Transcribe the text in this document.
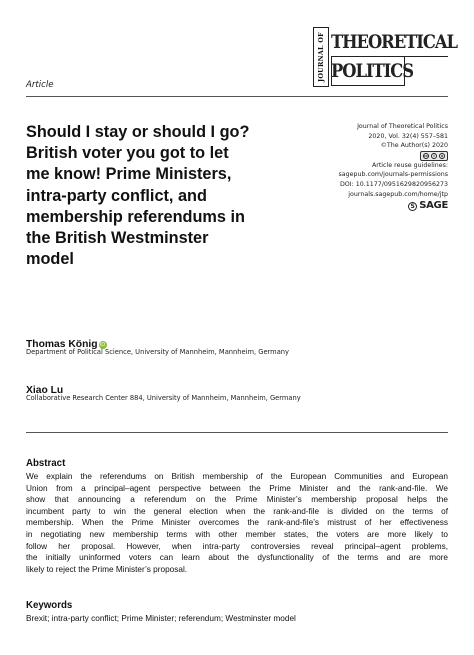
JOURNAL OF THEORETICAL
POLITICS
Article
Should I stay or should I go?
British voter you got to let
me know! Prime Ministers,
intra-party conflict, and
membership referendums in
the British Westminster
model
Journal of Theoretical Politics
2020, Vol. 32(4) 557–581
©The Author(s) 2020
cc	i	$
Article reuse guidelines:
sagepub.com/journals-permissions
DOI: 10.1177/0951629820956273
journals.sagepub.com/home/jtp
S SAGE
Thomas König iD
Department of Political Science, University of Mannheim, Mannheim, Germany
Xiao Lu
Collaborative Research Center 884, University of Mannheim, Mannheim, Germany
Abstract
We explain the referendums on British membership of the European Communities and European
Union from a principal–agent perspective between the Prime Minister and the rank-and-file. We
show that announcing a referendum on the Prime Minister’s membership proposal helps the
incumbent party to win the general election when the rank-and-file is divided on the terms of
membership. When the Prime Minister overcomes the rank-and-file’s mistrust of her effectiveness
in negotiating new membership terms with other member states, the voters are more likely to
follow her proposal. However, when intra-party controversies reveal principal–agent problems,
the initially uninformed voters can learn about the dysfunctionality of the terms and are more
likely to reject the Prime Minister’s proposal.
Keywords
Brexit; intra-party conflict; Prime Minister; referendum; Westminster model
